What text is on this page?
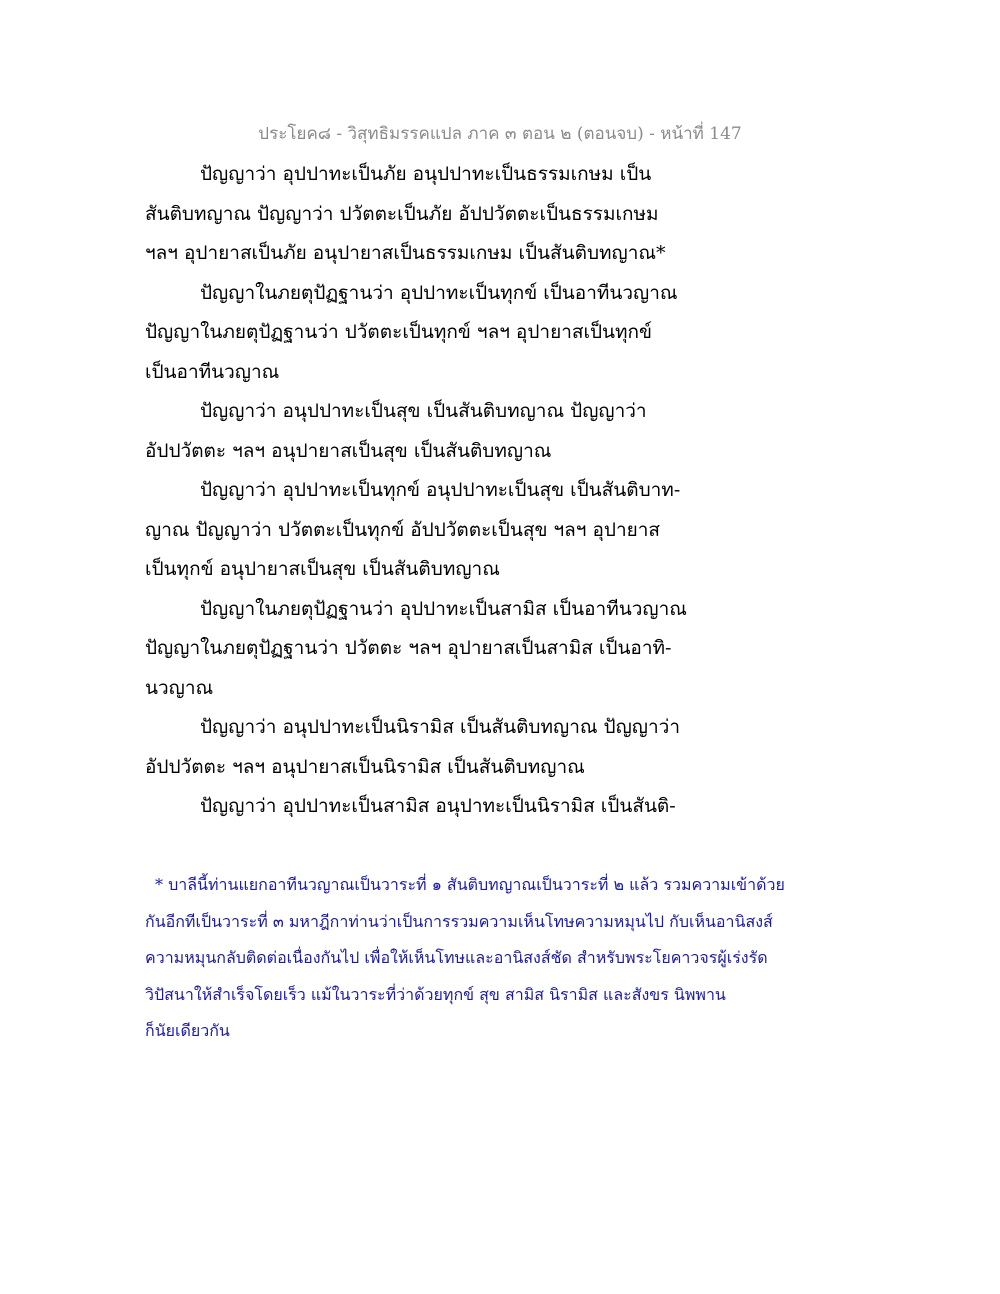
ประโยค๘ - วิสุทธิมรรคแปล ภาค ๓ ตอน ๒ (ตอนจบ) - หน้าที่ 147
ปัญญาว่า อุปปาทะเป็นภัย อนุปปาทะเป็นธรรมเกษม เป็น
สันติบทญาณ ปัญญาว่า ปวัตตะเป็นภัย อัปปวัตตะเป็นธรรมเกษม
ฯลฯ อุปายาสเป็นภัย อนุปายาสเป็นธรรมเกษม เป็นสันติบทญาณ*
ปัญญาในภยตุปัฏฐานว่า อุปปาทะเป็นทุกข์ เป็นอาทีนวญาณ
ปัญญาในภยตุปัฏฐานว่า ปวัตตะเป็นทุกข์ ฯลฯ อุปายาสเป็นทุกข์
เป็นอาทีนวญาณ
ปัญญาว่า อนุปปาทะเป็นสุข เป็นสันติบทญาณ ปัญญาว่า
อัปปวัตตะ ฯลฯ อนุปายาสเป็นสุข เป็นสันติบทญาณ
ปัญญาว่า อุปปาทะเป็นทุกข์ อนุปปาทะเป็นสุข เป็นสันติบาท-
ญาณ ปัญญาว่า ปวัตตะเป็นทุกข์ อัปปวัตตะเป็นสุข ฯลฯ อุปายาส
เป็นทุกข์ อนุปายาสเป็นสุข เป็นสันติบทญาณ
ปัญญาในภยตุปัฏฐานว่า อุปปาทะเป็นสามิส เป็นอาทีนวญาณ
ปัญญาในภยตุปัฏฐานว่า ปวัตตะ ฯลฯ อุปายาสเป็นสามิส เป็นอาทิ-
นวญาณ
ปัญญาว่า อนุปปาทะเป็นนิรามิส เป็นสันติบทญาณ ปัญญาว่า
อัปปวัตตะ ฯลฯ อนุปายาสเป็นนิรามิส เป็นสันติบทญาณ
ปัญญาว่า อุปปาทะเป็นสามิส อนุปาทะเป็นนิรามิส เป็นสันติ-
* บาลีนี้ท่านแยกอาทีนวญาณเป็นวาระที่ ๑ สันติบทญาณเป็นวาระที่ ๒ แล้ว รวมความเข้าด้วย
กันอีกทีเป็นวาระที่ ๓ มหาฎีกาท่านว่าเป็นการรวมความเห็นโทษความหมุนไป กับเห็นอานิสงส์
ความหมุนกลับติดต่อเนื่องกันไป เพื่อให้เห็นโทษและอานิสงส์ชัด สำหรับพระโยคาวจรผู้เร่งรัด
วิปัสนาให้สำเร็จโดยเร็ว แม้ในวาระที่ว่าด้วยทุกข์ สุข สามิส นิรามิส และสังขร นิพพาน
ก็นัยเดียวกัน
